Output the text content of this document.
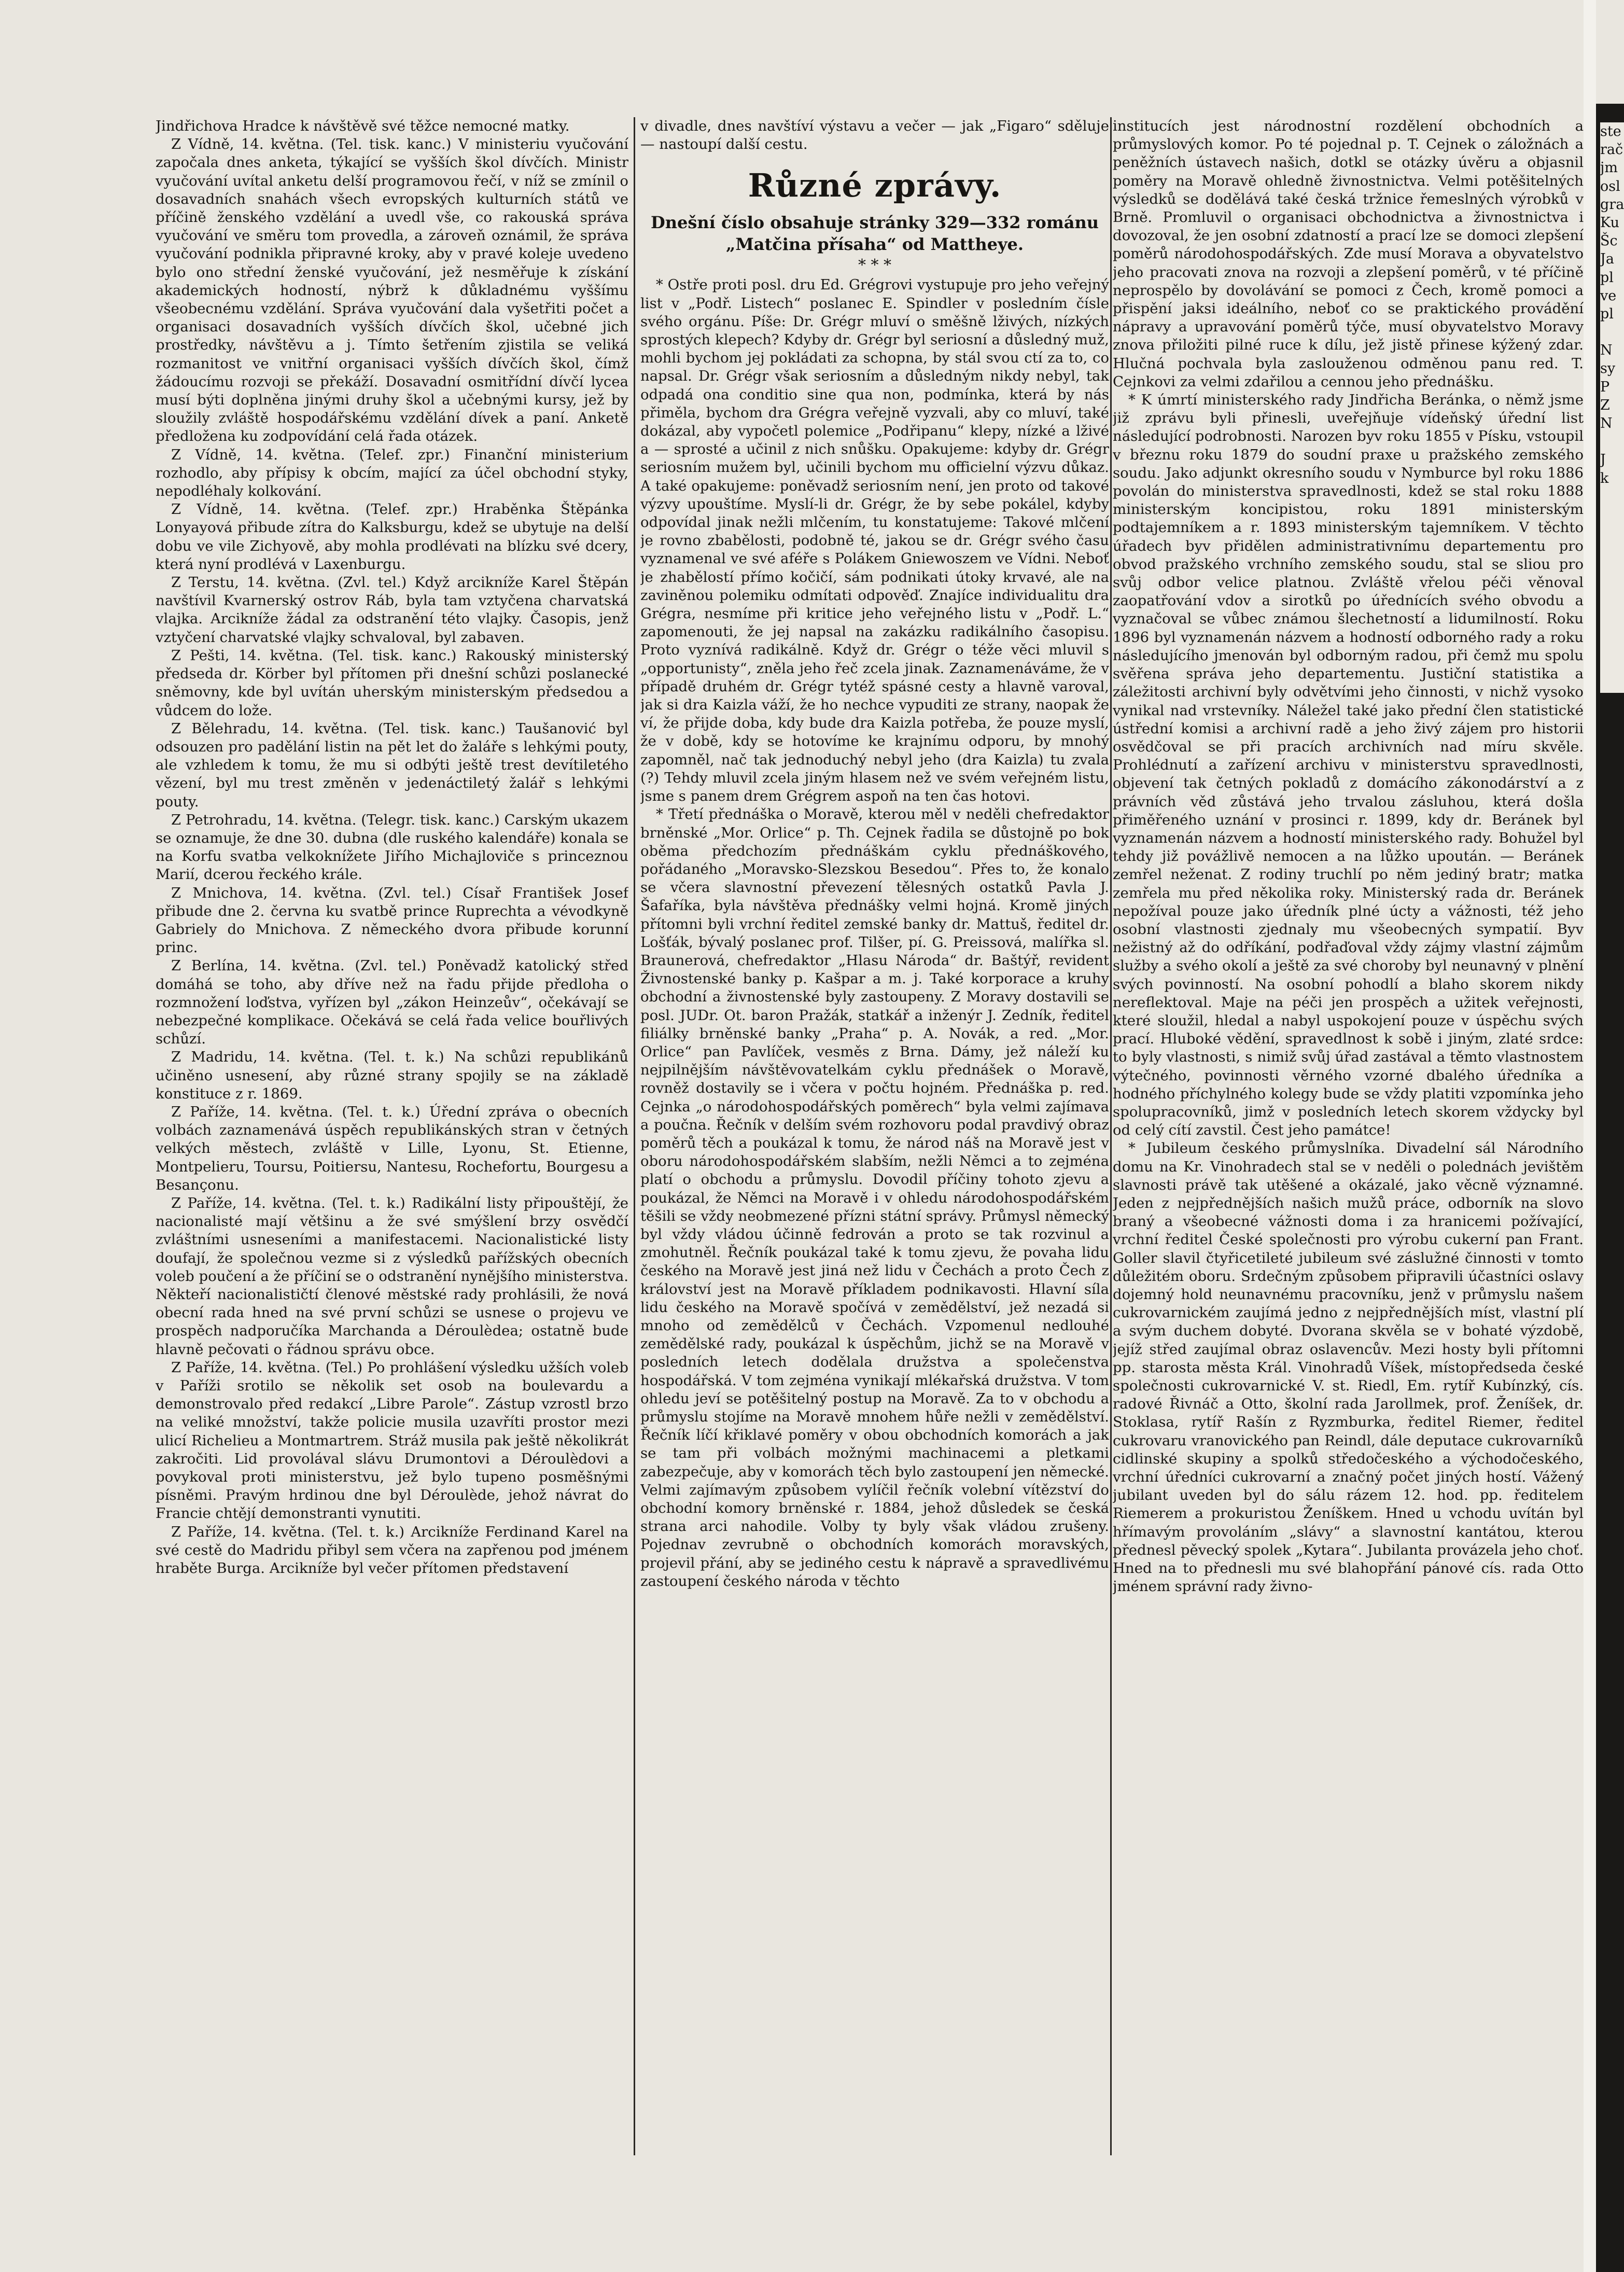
Jindřichova Hradce k návštěvě své těžce nemocné matky.

Z Vídně, 14. května. (Tel. tisk. kanc.) V ministeriu vyučování započala dnes anketa, týkající se vyšších škol dívčích. Ministr vyučování uvítal anketu delší programovou řečí, v níž se zmínil o dosavadních snahách všech evropských kulturních států ve příčině ženského vzdělání a uvedl vše, co rakouská správa vyučování ve směru tom provedla, a zároveň oznámil, že správa vyučování podnikla připravné kroky, aby v pravé koleje uvedeno bylo ono střední ženské vyučování, jež nesměřuje k získání akademických hodností, nýbrž k důkladnému vyššímu všeobecnému vzdělání. Správa vyučování dala vyšetřiti počet a organisaci dosavadních vyšších dívčích škol, učebné jich prostředky, návštěvu a j. Tímto šetřením zjistila se veliká rozmanitost ve vnitřní organisaci vyšších dívčích škol, čímž žádoucímu rozvoji se překáží. Dosavadní osmitřídní dívčí lycea musí býti doplněna jinými druhy škol a učebnými kursy, jež by sloužily zvláště hospodářskému vzdělání dívek a paní. Anketě předložena ku zodpovídání celá řada otázek.

Z Vídně, 14. května. (Telef. zpr.) Finanční ministerium rozhodlo, aby přípisy k obcím, mající za účel obchodní styky, nepodléhaly kolkování.

Z Vídně, 14. května. (Telef. zpr.) Hraběnka Štěpánka Lonyayová přibude zítra do Kalksburgu, kdež se ubytuje na delší dobu ve vile Zichyově, aby mohla prodlévati na blízku své dcery, která nyní prodlévá v Laxenburgu.

Z Terstu, 14. května. (Zvl. tel.) Když arcikníže Karel Štěpán navštívil Kvarnerský ostrov Ráb, byla tam vztyčena charvatská vlajka. Arcikníže žádal za odstranění této vlajky. Časopis, jenž vztyčení charvatské vlajky schvaloval, byl zabaven.

Z Pešti, 14. května. (Tel. tisk. kanc.) Rakouský ministerský předseda dr. Körber byl přítomen při dnešní schůzi poslanecké sněmovny, kde byl uvítán uherským ministerským předsedou a vůdcem do lože.

Z Bělehradu, 14. května. (Tel. tisk. kanc.) Taušanović byl odsouzen pro padělání listin na pět let do žaláře s lehkými pouty, ale vzhledem k tomu, že mu si odbýti ještě trest devítiletého vězení, byl mu trest změněn v jedenáctiletý žalář s lehkými pouty.

Z Petrohradu, 14. května. (Telegr. tisk. kanc.) Carským ukazem se oznamuje, že dne 30. dubna (dle ruského kalendáře) konala se na Korfu svatba velkoknížete Jiřího Michajloviče s princeznou Marií, dcerou řeckého krále.

Z Mnichova, 14. května. (Zvl. tel.) Císař František Josef přibude dne 2. června ku svatbě prince Ruprechta a vévodkyně Gabriely do Mnichova. Z německého dvora přibude korunní princ.

Z Berlína, 14. května. (Zvl. tel.) Poněvadž katolický střed domáhá se toho, aby dříve než na řadu přijde předloha o rozmnožení loďstva, vyřízen byl „zákon Heinzeův“, očekávají se nebezpečné komplikace. Očekává se celá řada velice bouřlivých schůzí.

Z Madridu, 14. května. (Tel. t. k.) Na schůzi republikánů učiněno usnesení, aby různé strany spojily se na základě konstituce z r. 1869.

Z Paříže, 14. května. (Tel. t. k.) Úřední zpráva o obecních volbách zaznamenává úspěch republikánských stran v četných velkých městech, zvláště v Lille, Lyonu, St. Etienne, Montpelieru, Toursu, Poitiersu, Nantesu, Rochefortu, Bourgesu a Besançonu.

Z Paříže, 14. května. (Tel. t. k.) Radikální listy připouštějí, že nacionalisté mají většinu a že své smýšlení brzy osvědčí zvláštními usneseními a manifestacemi. Nacionalistické listy doufají, že společnou vezme si z výsledků pařížských obecních voleb poučení a že příčiní se o odstranění nynějšího ministerstva. Někteří nacionalističtí členové městské rady prohlásili, že nová obecní rada hned na své první schůzi se usnese o projevu ve prospěch nadporučíka Marchanda a Déroulèdea; ostatně bude hlavně pečovati o řádnou správu obce.

Z Paříže, 14. května. (Tel.) Po prohlášení výsledku užších voleb v Paříži srotilo se několik set osob na boulevardu a demonstrovalo před redakcí „Libre Parole“. Zástup vzrostl brzo na veliké množství, takže policie musila uzavříti prostor mezi ulicí Richelieu a Montmartrem. Stráž musila pak ještě několikrát zakročiti. Lid provolával slávu Drumontovi a Déroulèdovi a povykoval proti ministerstvu, jež bylo tupeno posměšnými písněmi. Pravým hrdinou dne byl Déroulède, jehož návrat do Francie chtějí demonstranti vynutiti.

Z Paříže, 14. května. (Tel. t. k.) Arcikníže Ferdinand Karel na své cestě do Madridu přibyl sem včera na zapřenou pod jménem hraběte Burga. Arcikníže byl večer přítomen představení

v divadle, dnes navštíví výstavu a večer — jak „Figaro“ sděluje — nastoupí další cestu.

Různé zprávy.
Dnešní číslo obsahuje stránky 329—332 románu „Matčina přísaha“ od Mattheye.
* * *

* Ostře proti posl. dru Ed. Grégrovi vystupuje pro jeho veřejný list v „Podř. Listech“ poslanec E. Spindler v posledním čísle svého orgánu. Píše: Dr. Grégr mluví o směšně lživých, nízkých sprostých klepech? Kdyby dr. Grégr byl seriosní a důsledný muž, mohli bychom jej pokládati za schopna, by stál svou ctí za to, co napsal. Dr. Grégr však seriosním a důsledným nikdy nebyl, tak odpadá ona conditio sine qua non, podmínka, která by nás přiměla, bychom dra Grégra veřejně vyzvali, aby co mluví, také dokázal, aby vypočetl polemice „Podřipanu“ klepy, nízké a lživé a — sprosté a učinil z nich snůšku. Opakujeme: kdyby dr. Grégr seriosním mužem byl, učinili bychom mu officielní výzvu důkaz. A také opakujeme: poněvadž seriosním není, jen proto od takové výzvy upouštíme. Myslí-li dr. Grégr, že by sebe pokálel, kdyby odpovídal jinak nežli mlčením, tu konstatujeme: Takové mlčení je rovno zbabělosti, podobně té, jakou se dr. Grégr svého času vyznamenal ve své aféře s Polákem Gniewoszem ve Vídni. Neboť je zhabělostí přímo kočičí, sám podnikati útoky krvavé, ale na zaviněnou polemiku odmítati odpověď. Znajíce individualitu dra Grégra, nesmíme při kritice jeho veřejného listu v „Podř. L.“ zapomenouti, že jej napsal na zakázku radikálního časopisu. Proto vyznívá radikálně. Když dr. Grégr o téže věci mluvil s „opportunisty“, zněla jeho řeč zcela jinak. Zaznamenáváme, že v případě druhém dr. Grégr tytéž spásné cesty a hlavně varoval, jak si dra Kaizla váží, že ho nechce vypuditi ze strany, naopak že ví, že přijde doba, kdy bude dra Kaizla potřeba, že pouze myslí, že v době, kdy se hotovíme ke krajnímu odporu, by mnohý zapomněl, nač tak jednoduchý nebyl jeho (dra Kaizla) tu zvala (?) Tehdy mluvil zcela jiným hlasem než ve svém veřejném listu, jsme s panem drem Grégrem aspoň na ten čas hotovi.

* Třetí přednáška o Moravě, kterou měl v neděli chefredaktor brněnské „Mor. Orlice“ p. Th. Cejnek řadila se důstojně po bok oběma předchozím přednáškám cyklu přednáškového, pořádaného „Moravsko-Slezskou Besedou“. Přes to, že konalo se včera slavnostní převezení tělesných ostatků Pavla J. Šafaříka, byla návštěva přednášky velmi hojná. Kromě jiných přítomni byli vrchní ředitel zemské banky dr. Mattuš, ředitel dr. Lošťák, bývalý poslanec prof. Tilšer, pí. G. Preissová, malířka sl. Braunerová, chefredaktor „Hlasu Národa“ dr. Baštýř, revident Živnostenské banky p. Kašpar a m. j. Také korporace a kruhy obchodní a živnostenské byly zastoupeny. Z Moravy dostavili se posl. JUDr. Ot. baron Pražák, statkář a inženýr J. Zedník, ředitel filiálky brněnské banky „Praha“ p. A. Novák, a red. „Mor. Orlice“ pan Pavlíček, vesměs z Brna. Dámy, jež náleží ku nejpilnějším návštěvovatelkám cyklu přednášek o Moravě, rovněž dostavily se i včera v počtu hojném. Přednáška p. red. Cejnka „o národohospodářských poměrech“ byla velmi zajímava a poučna. Řečník v delším svém rozhovoru podal pravdivý obraz poměrů těch a poukázal k tomu, že národ náš na Moravě jest v oboru národohospodářském slabším, nežli Němci a to zejména platí o obchodu a průmyslu. Dovodil příčiny tohoto zjevu a poukázal, že Němci na Moravě i v ohledu národohospodářském těšili se vždy neobmezené přízni státní správy. Průmysl německý byl vždy vládou účinně fedrován a proto se tak rozvinul a zmohutněl. Řečník poukázal také k tomu zjevu, že povaha lidu českého na Moravě jest jiná než lidu v Čechách a proto Čech z království jest na Moravě příkladem podnikavosti. Hlavní síla lidu českého na Moravě spočívá v zemědělství, jež nezadá si mnoho od zemědělců v Čechách. Vzpomenul nedlouhé zemědělské rady, poukázal k úspěchům, jichž se na Moravě v posledních letech dodělala družstva a společenstva hospodářská. V tom zejména vynikají mlékařská družstva. V tom ohledu jeví se potěšitelný postup na Moravě. Za to v obchodu a průmyslu stojíme na Moravě mnohem hůře nežli v zemědělství. Řečník líčí křiklavé poměry v obou obchodních komorách a jak se tam při volbách možnými machinacemi a pletkami zabezpečuje, aby v komorách těch bylo zastoupení jen německé. Velmi zajímavým způsobem vylíčil řečník volební vítězství do obchodní komory brněnské r. 1884, jehož důsledek se česká strana arci nahodile. Volby ty byly však vládou zrušeny. Pojednav zevrubně o obchodních komorách moravských, projevil přání, aby se jediného cestu k nápravě a spravedlivému zastoupení českého národa v těchto

institucích jest národnostní rozdělení obchodních a průmyslových komor. Po té pojednal p. T. Cejnek o záložnách a peněžních ústavech našich, dotkl se otázky úvěru a objasnil poměry na Moravě ohledně živnostnictva. Velmi potěšitelných výsledků se dodělává také česká tržnice řemeslných výrobků v Brně. Promluvil o organisaci obchodnictva a živnostnictva i dovozoval, že jen osobní zdatností a prací lze se domoci zlepšení poměrů národohospodářských. Zde musí Morava a obyvatelstvo jeho pracovati znova na rozvoji a zlepšení poměrů, v té příčině neprospělo by dovolávání se pomoci z Čech, kromě pomoci a přispění jaksi ideálního, neboť co se praktického provádění nápravy a upravování poměrů týče, musí obyvatelstvo Moravy znova přiložiti pilné ruce k dílu, jež jistě přinese kýžený zdar. Hlučná pochvala byla zaslouženou odměnou panu red. T. Cejnkovi za velmi zdařilou a cennou jeho přednášku.

* K úmrtí ministerského rady Jindřicha Beránka, o němž jsme již zprávu byli přinesli, uveřejňuje vídeňský úřední list následující podrobnosti. Narozen byv roku 1855 v Písku, vstoupil v březnu roku 1879 do soudní praxe u pražského zemského soudu. Jako adjunkt okresního soudu v Nymburce byl roku 1886 povolán do ministerstva spravedlnosti, kdež se stal roku 1888 ministerským koncipistou, roku 1891 ministerským podtajemníkem a r. 1893 ministerským tajemníkem. V těchto úřadech byv přidělen administrativnímu departementu pro obvod pražského vrchního zemského soudu, stal se sliou pro svůj odbor velice platnou. Zvláště vřelou péči věnoval zaopatřování vdov a sirotků po úřednících svého obvodu a vyznačoval se vůbec známou šlechetností a lidumilností. Roku 1896 byl vyznamenán názvem a hodností odborného rady a roku následujícího jmenován byl odborným radou, při čemž mu spolu svěřena správa jeho departementu. Justiční statistika a záležitosti archivní byly odvětvími jeho činnosti, v nichž vysoko vynikal nad vrstevníky. Náležel také jako přední člen statistické ústřední komisi a archivní radě a jeho živý zájem pro historii osvědčoval se při pracích archivních nad míru skvěle. Prohlédnutí a zařízení archivu v ministerstvu spravedlnosti, objevení tak četných pokladů z domácího zákonodárství a z právních věd zůstává jeho trvalou zásluhou, která došla přiměřeného uznání v prosinci r. 1899, kdy dr. Beránek byl vyznamenán názvem a hodností ministerského rady. Bohužel byl tehdy již povážlivě nemocen a na lůžko upoután. — Beránek zemřel neženat. Z rodiny truchlí po něm jediný bratr; matka zemřela mu před několika roky. Ministerský rada dr. Beránek nepožíval pouze jako úředník plné úcty a vážnosti, též jeho osobní vlastnosti zjednaly mu všeobecných sympatií. Byv nežistný až do odříkání, podřaďoval vždy zájmy vlastní zájmům služby a svého okolí a ještě za své choroby byl neunavný v plnění svých povinností. Na osobní pohodlí a blaho skorem nikdy nereflektoval. Maje na péči jen prospěch a užitek veřejnosti, které sloužil, hledal a nabyl uspokojení pouze v úspěchu svých prací. Hluboké vědění, spravedlnost k sobě i jiným, zlaté srdce: to byly vlastnosti, s nimiž svůj úřad zastával a těmto vlastnostem výtečného, povinnosti věrného vzorné dbalého úředníka a hodného příchylného kolegy bude se vždy platiti vzpomínka jeho spolupracovníků, jimž v posledních letech skorem vždycky byl od celý cítí zavstil. Čest jeho památce!

* Jubileum českého průmyslníka. Divadelní sál Národního domu na Kr. Vinohradech stal se v neděli o polednách jevištěm slavnosti právě tak utěšené a okázalé, jako věcně významné. Jeden z nejpřednějších našich mužů práce, odborník na slovo braný a všeobecné vážnosti doma i za hranicemi požívající, vrchní ředitel České společnosti pro výrobu cukerní pan Frant. Goller slavil čtyřicetileté jubileum své záslužné činnosti v tomto důležitém oboru. Srdečným způsobem připravili účastníci oslavy dojemný hold neunavnému pracovníku, jenž v průmyslu našem cukrovarnickém zaujímá jedno z nejpřednějších míst, vlastní plí a svým duchem dobyté. Dvorana skvěla se v bohaté výzdobě, jejíž střed zaujímal obraz oslavencův. Mezi hosty byli přítomni pp. starosta města Král. Vinohradů Víšek, místopředseda české společnosti cukrovarnické V. st. Riedl, Em. rytíř Kubínzký, cís. radové Řivnáč a Otto, školní rada Jarollmek, prof. Ženíšek, dr. Stoklasa, rytíř Rašín z Ryzmburka, ředitel Riemer, ředitel cukrovaru vranovického pan Reindl, dále deputace cukrovarníků cidlinské skupiny a spolků středočeského a východočeského, vrchní úředníci cukrovarní a značný počet jiných hostí. Vážený jubilant uveden byl do sálu rázem 12. hod. pp. ředitelem Riemerem a prokuristou Ženíškem. Hned u vchodu uvítán byl hřímavým provoláním „slávy“ a slavnostní kantátou, kterou přednesl pěvecký spolek „Kytara“. Jubilanta provázela jeho choť. Hned na to přednesli mu své blahopřání pánové cís. rada Otto jménem správní rady živno-

ste
rač
jm
osl
gra
Ku
Šc
Ja
pl
ve
pl
N
sy
P
Z
N
J
k
